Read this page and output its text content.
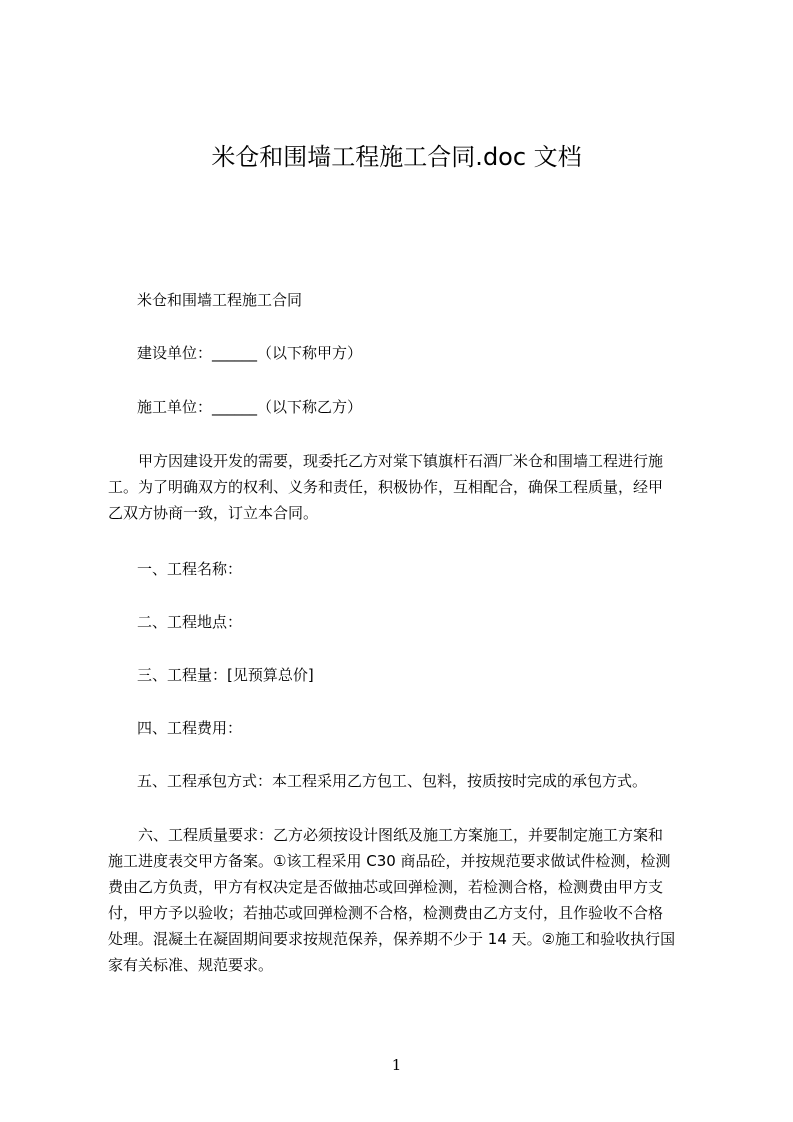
米仓和围墙工程施工合同.doc 文档
米仓和围墙工程施工合同
建设单位：______（以下称甲方）
施工单位：______（以下称乙方）
甲方因建设开发的需要，现委托乙方对棠下镇旗杆石酒厂米仓和围墙工程进行施
工。为了明确双方的权利、义务和责任，积极协作，互相配合，确保工程质量，经甲
乙双方协商一致，订立本合同。
一、工程名称：
二、工程地点：
三、工程量：[见预算总价]
四、工程费用：
五、工程承包方式：本工程采用乙方包工、包料，按质按时完成的承包方式。
六、工程质量要求：乙方必须按设计图纸及施工方案施工，并要制定施工方案和
施工进度表交甲方备案。①该工程采用 C30 商品砼，并按规范要求做试件检测，检测
费由乙方负责，甲方有权决定是否做抽芯或回弹检测，若检测合格，检测费由甲方支
付，甲方予以验收；若抽芯或回弹检测不合格，检测费由乙方支付，且作验收不合格
处理。混凝土在凝固期间要求按规范保养，保养期不少于 14 天。②施工和验收执行国
家有关标准、规范要求。
1
